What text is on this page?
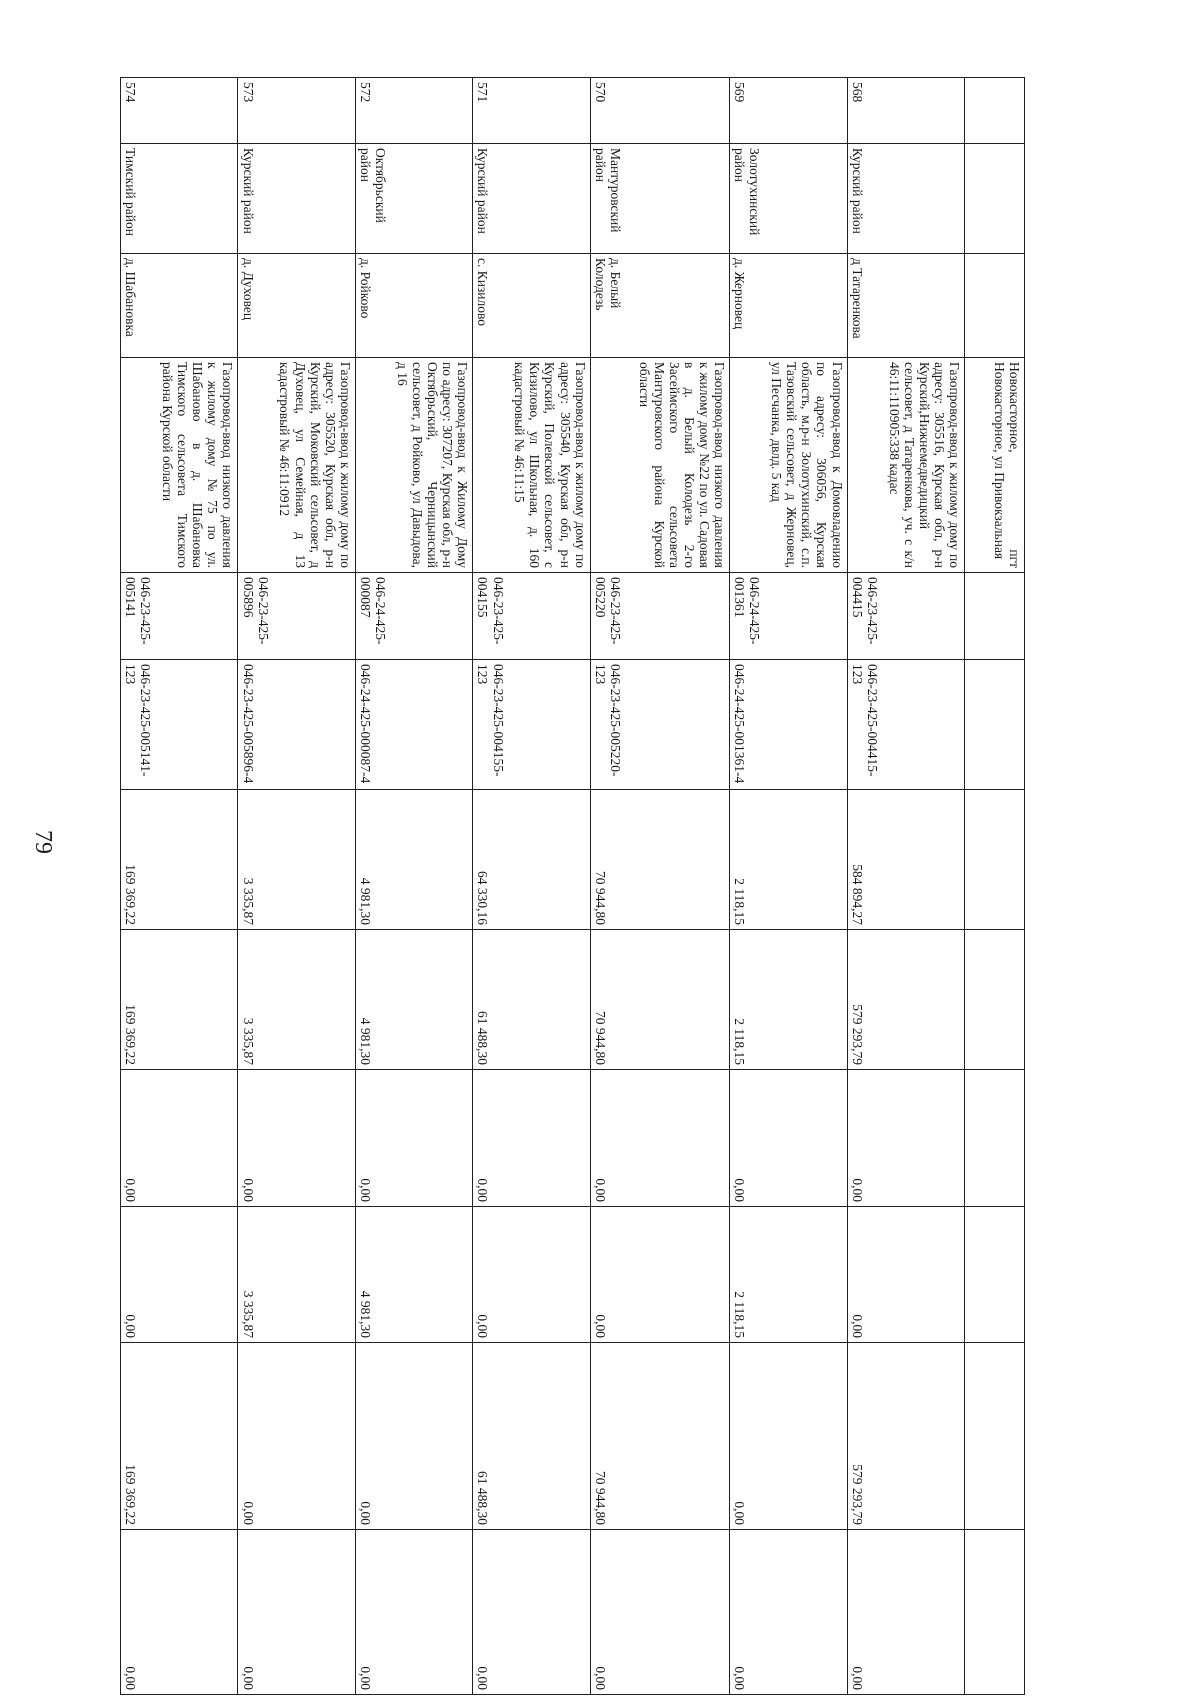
79
			Новокасторное, пгт Новокасторное, ул Привокзальная								
568	Курский район	д Татаренкова	Газопровод-ввод к жилому дому по адресу: 305516, Курская обл, р-н Курский,Нижнемедведицкий сельсовет, д Татаренкова, уч. с к/н 46:11:110905:338 кадас	046-23-425-004415	046-23-425-004415-123	584 894,27	579 293,79	0,00	0,00	579 293,79	0,00
569	Золотухинский район	д. Жерновец	Газопровод-ввод к Домовладению по адресу: 306056, Курская область, м.р-н Золотухинский, с.п. Тазовский сельсовет, д Жерновец, ул Песчанка, двлд. 5 кад	046-24-425-001361	046-24-425-001361-4	2 118,15	2 118,15	0,00	2 118,15	0,00	0,00
570	Мантуровский район	д. Белый Колодезь	Газопровод-ввод низкого давления к жилому дому №22 по ул. Садовая в д. Белый Колодезь 2-го Засеймского сельсовета Мантуровского района Курской области	046-23-425-005220	046-23-425-005220-123	70 944,80	70 944,80	0,00	0,00	70 944,80	0,00
571	Курский район	с. Кизилово	Газопровод-ввод к жилому дому по адресу: 305540, Курская обл, р-н Курский, Полевской сельсовет, с Кизилово, ул Школьная, д. 160 кадастровый № 46:11:15	046-23-425-004155	046-23-425-004155-123	64 330,16	61 488,30	0,00	0,00	61 488,30	0,00
572	Октябрьский район	д. Ройково	Газопровод-ввод к Жилому Дому по адресу: 307207, Курская обл, р-н Октябрьский, Черницынский сельсовет, д Ройково, ул Давыдова, д 16	046-24-425-000087	046-24-425-000087-4	4 981,30	4 981,30	0,00	4 981,30	0,00	0,00
573	Курский район	д. Духовец	Газопровод-ввод к жилому дому по адресу: 305520, Курская обл, р-н Курский, Моковский сельсовет, д Духовец, ул Семейная, д 13 кадастровый № 46:11:0912	046-23-425-005896	046-23-425-005896-4	3 335,87	3 335,87	0,00	3 335,87	0,00	0,00
574	Тимский район	д. Шабановка	Газопровод-ввод низкого давления к жилому дому №75 по ул. Шабаново в д. Шабановка Тимского сельсовета Тимского района Курской области	046-23-425-005141	046-23-425-005141-123	169 369,22	169 369,22	0,00	0,00	169 369,22	0,00
